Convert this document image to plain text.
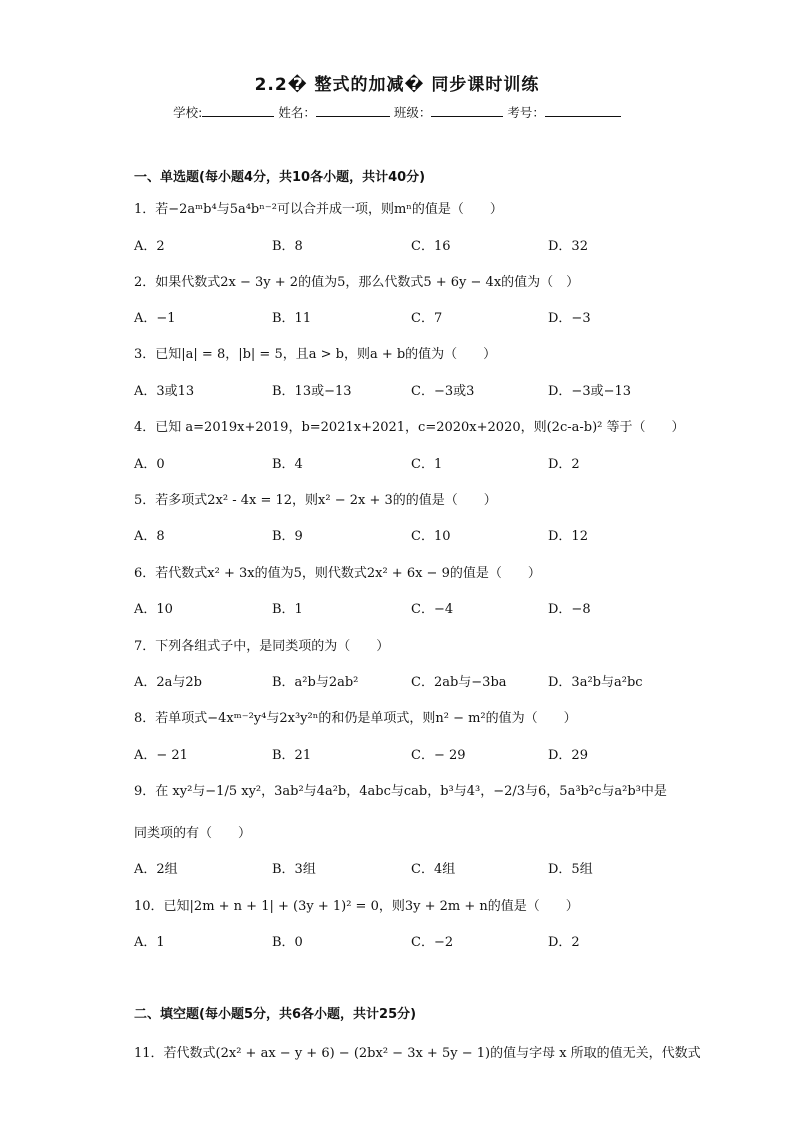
2.2� 整式的加减� 同步课时训练
学校:	姓名：	班级：	考号：
一、单选题(每小题4分，共10各小题，共计40分)
1．若−2aᵐb⁴与5a⁴bⁿ⁻²可以合并成一项，则mⁿ的值是（　　）
A．2	B．8	C．16	D．32
2．如果代数式2x − 3y + 2的值为5，那么代数式5 + 6y − 4x的值为（　）
A．−1	B．11	C．7	D．−3
3．已知|a| = 8，|b| = 5，且a > b，则a + b的值为（　　）
A．3或13	B．13或−13	C．−3或3	D．−3或−13
4．已知 a=2019x+2019，b=2021x+2021，c=2020x+2020，则(2c-a-b)² 等于（　　）
A．0	B．4	C．1	D．2
5．若多项式2x² - 4x = 12，则x² − 2x + 3的的值是（　　）
A．8	B．9	C．10	D．12
6．若代数式x² + 3x的值为5，则代数式2x² + 6x − 9的值是（　　）
A．10	B．1	C．−4	D．−8
7．下列各组式子中，是同类项的为（　　）
A．2a与2b	B．a²b与2ab²	C．2ab与−3ba	D．3a²b与a²bc
8．若单项式−4xᵐ⁻²y⁴与2x³y²ⁿ的和仍是单项式，则n² − m²的值为（　　）
A．− 21	B．21	C．− 29	D．29
9．在 xy²与−1/5 xy²，3ab²与4a²b，4abc与cab，b³与4³，−2/3与6，5a³b²c与a²b³中是
同类项的有（　　）
A．2组	B．3组	C．4组	D．5组
10．已知|2m + n + 1| + (3y + 1)² = 0，则3y + 2m + n的值是（　　）
A．1	B．0	C．−2	D．2
二、填空题(每小题5分，共6各小题，共计25分)
11．若代数式(2x² + ax − y + 6) − (2bx² − 3x + 5y − 1)的值与字母 x 所取的值无关，代数式
